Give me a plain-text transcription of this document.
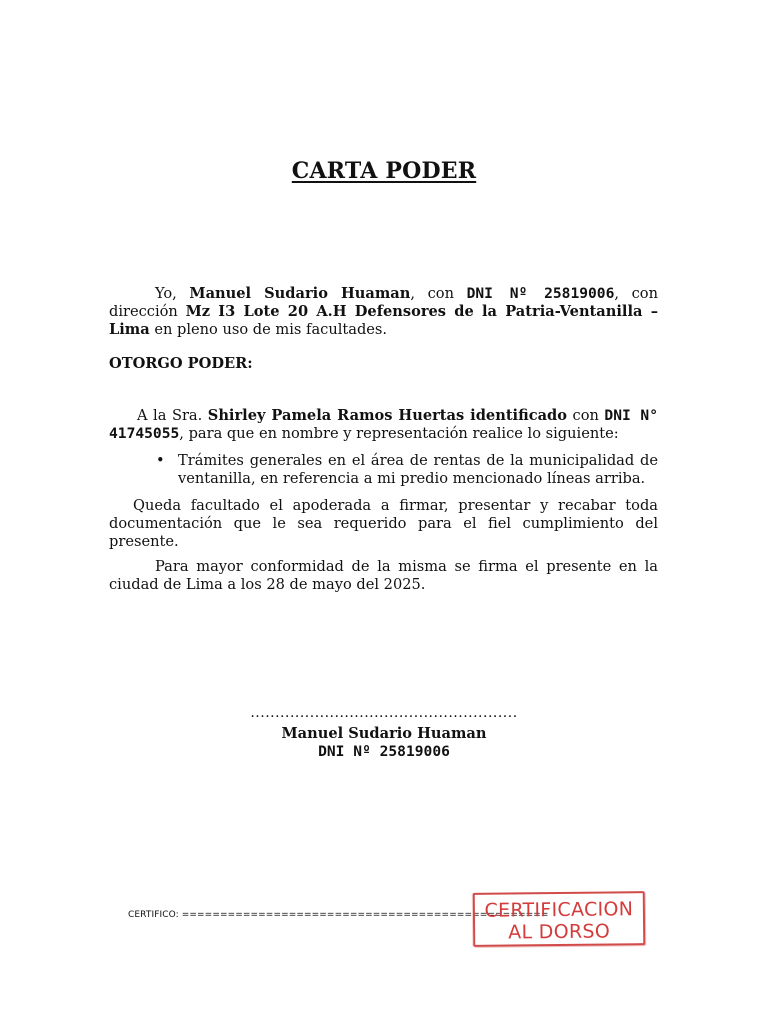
CARTA PODER
Yo, Manuel Sudario Huaman, con DNI Nº 25819006, con dirección Mz I3 Lote 20 A.H Defensores de la Patria-Ventanilla – Lima en pleno uso de mis facultades.
OTORGO PODER:
A la Sra. Shirley Pamela Ramos Huertas identificado con DNI N° 41745055, para que en nombre y representación realice lo siguiente:
• Trámites generales en el área de rentas de la municipalidad de ventanilla, en referencia a mi predio mencionado líneas arriba.
Queda facultado el apoderada a firmar, presentar y recabar toda documentación que le sea requerido para el fiel cumplimiento del presente.
Para mayor conformidad de la misma se firma el presente en la ciudad de Lima a los 28 de mayo del 2025.
......................................................
Manuel Sudario Huaman
DNI Nº 25819006
CERTIFICO: ================================================
CERTIFICACION
AL DORSO
